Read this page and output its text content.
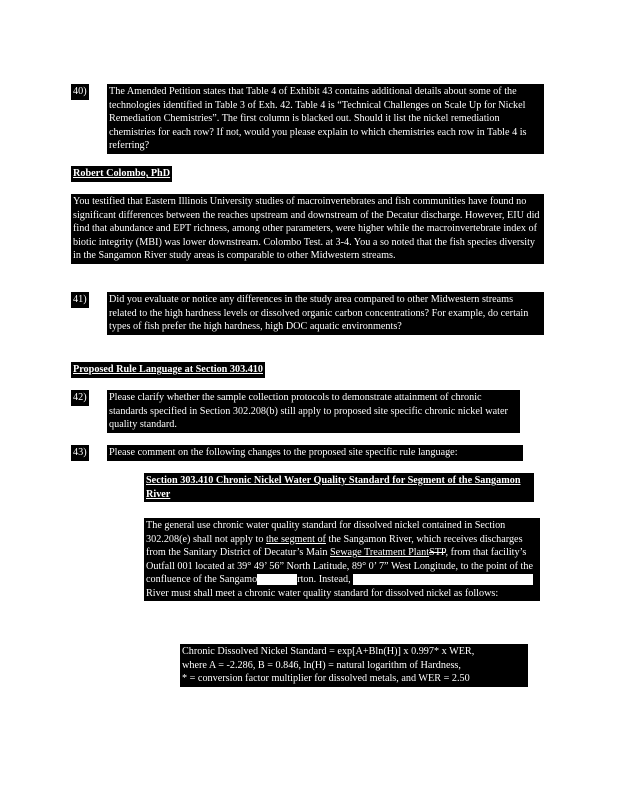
40) The Amended Petition states that Table 4 of Exhibit 43 contains additional details about some of the technologies identified in Table 3 of Exh. 42. Table 4 is “Technical Challenges on Scale Up for Nickel Remediation Chemistries”. The first column is blacked out. Should it list the nickel remediation chemistries for each row? If not, would you please explain to which chemistries each row in Table 4 is referring?
Robert Colombo, PhD
You testified that Eastern Illinois University studies of macroinvertebrates and fish communities have found no significant differences between the reaches upstream and downstream of the Decatur discharge. However, EIU did find that abundance and EPT richness, among other parameters, were higher while the macroinvertebrate index of biotic integrity (MBI) was lower downstream. Colombo Test. at 3-4. You a so noted that the fish species diversity in the Sangamon River study areas is comparable to other Midwestern streams.
41) Did you evaluate or notice any differences in the study area compared to other Midwestern streams related to the high hardness levels or dissolved organic carbon concentrations? For example, do certain types of fish prefer the high hardness, high DOC aquatic environments?
Proposed Rule Language at Section 303.410
42) Please clarify whether the sample collection protocols to demonstrate attainment of chronic standards specified in Section 302.208(b) still apply to proposed site specific chronic nickel water quality standard.
43) Please comment on the following changes to the proposed site specific rule language:
Section 303.410 Chronic Nickel Water Quality Standard for Segment of the Sangamon River
The general use chronic water quality standard for dissolved nickel contained in Section 302.208(e) shall not apply to the segment of the Sangamon River, which receives discharges from the Sanitary District of Decatur’s Main Sewage Treatment PlantSTP, from that facility’s Outfall 001 located at 39° 49’ 56” North Latitude, 89° 0’ 7” West Longitude, to the point of the confluence of the Sangamo	rton. Instead, River must shall meet a chronic water quality standard for dissolved nickel as follows:
Chronic Dissolved Nickel Standard = exp[A+Bln(H)] x 0.997* x WER,
where A = -2.286, B = 0.846, ln(H) = natural logarithm of Hardness,
* = conversion factor multiplier for dissolved metals, and WER = 2.50
